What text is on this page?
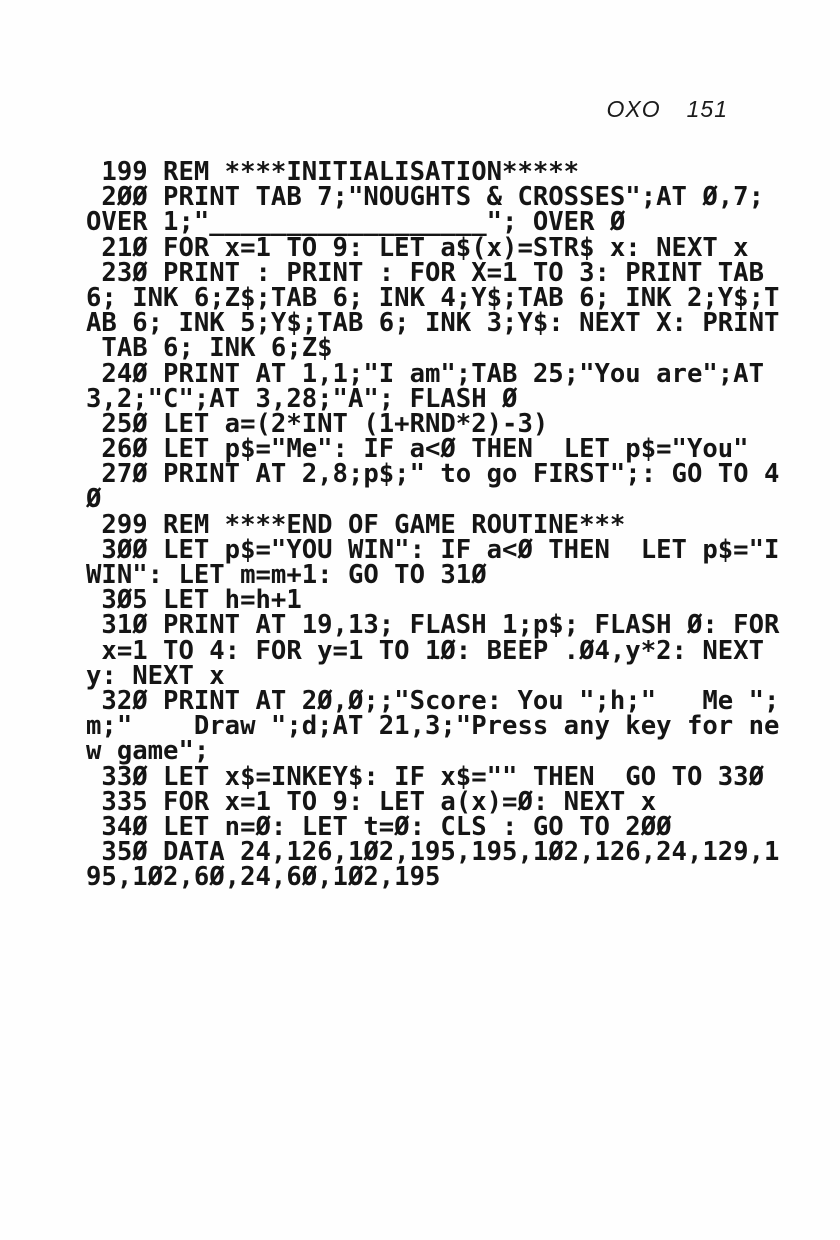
OXO 151
199 REM ****INITIALISATION*****
2ØØ PRINT TAB 7;"NOUGHTS & CROSSES";AT Ø,7;
OVER 1;"__________________"; OVER Ø
21Ø FOR x=1 TO 9: LET a$(x)=STR$ x: NEXT x
23Ø PRINT : PRINT : FOR X=1 TO 3: PRINT TAB
6; INK 6;Z$;TAB 6; INK 4;Y$;TAB 6; INK 2;Y$;T
AB 6; INK 5;Y$;TAB 6; INK 3;Y$: NEXT X: PRINT
TAB 6; INK 6;Z$
24Ø PRINT AT 1,1;"I am";TAB 25;"You are";AT
3,2;"C";AT 3,28;"A"; FLASH Ø
25Ø LET a=(2*INT (1+RND*2)-3)
26Ø LET p$="Me": IF a<Ø THEN  LET p$="You"
27Ø PRINT AT 2,8;p$;" to go FIRST";: GO TO 4
Ø
299 REM ****END OF GAME ROUTINE***
3ØØ LET p$="YOU WIN": IF a<Ø THEN  LET p$="I
WIN": LET m=m+1: GO TO 31Ø
3Ø5 LET h=h+1
31Ø PRINT AT 19,13; FLASH 1;p$; FLASH Ø: FOR
x=1 TO 4: FOR y=1 TO 1Ø: BEEP .Ø4,y*2: NEXT
y: NEXT x
32Ø PRINT AT 2Ø,Ø;;"Score: You ";h;"   Me ";
m;"    Draw ";d;AT 21,3;"Press any key for ne
w game";
33Ø LET x$=INKEY$: IF x$="" THEN  GO TO 33Ø
335 FOR x=1 TO 9: LET a(x)=Ø: NEXT x
34Ø LET n=Ø: LET t=Ø: CLS : GO TO 2ØØ
35Ø DATA 24,126,1Ø2,195,195,1Ø2,126,24,129,1
95,1Ø2,6Ø,24,6Ø,1Ø2,195
